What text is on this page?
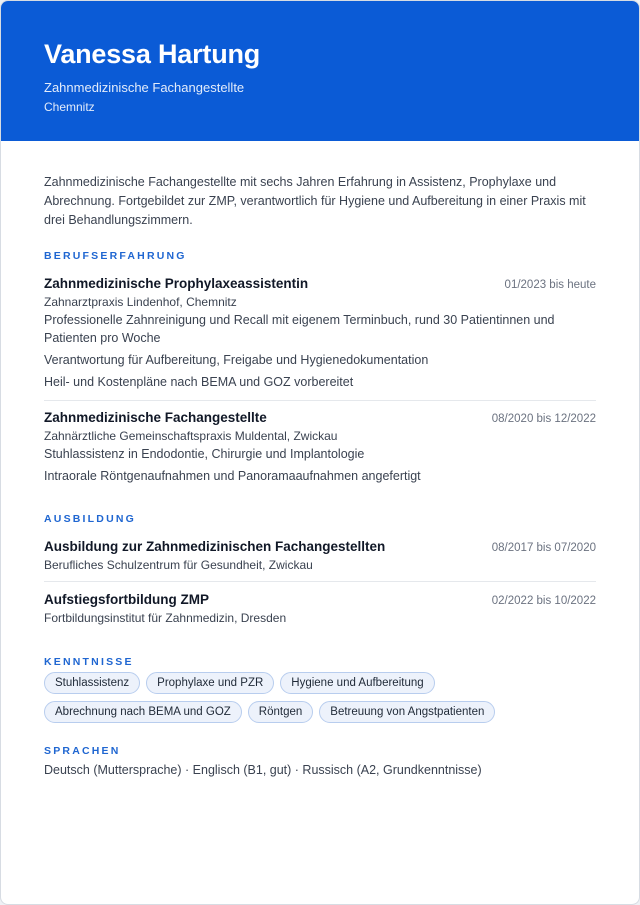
Vanessa Hartung
Zahnmedizinische Fachangestellte
Chemnitz
Zahnmedizinische Fachangestellte mit sechs Jahren Erfahrung in Assistenz, Prophylaxe und Abrechnung. Fortgebildet zur ZMP, verantwortlich für Hygiene und Aufbereitung in einer Praxis mit drei Behandlungszimmern.
BERUFSERFAHRUNG
Zahnmedizinische Prophylaxeassistentin	01/2023 bis heute
Zahnarztpraxis Lindenhof, Chemnitz
Professionelle Zahnreinigung und Recall mit eigenem Terminbuch, rund 30 Patientinnen und Patienten pro Woche
Verantwortung für Aufbereitung, Freigabe und Hygienedokumentation
Heil- und Kostenpläne nach BEMA und GOZ vorbereitet
Zahnmedizinische Fachangestellte	08/2020 bis 12/2022
Zahnärztliche Gemeinschaftspraxis Muldental, Zwickau
Stuhlassistenz in Endodontie, Chirurgie und Implantologie
Intraorale Röntgenaufnahmen und Panoramaaufnahmen angefertigt
AUSBILDUNG
Ausbildung zur Zahnmedizinischen Fachangestellten	08/2017 bis 07/2020
Berufliches Schulzentrum für Gesundheit, Zwickau
Aufstiegsfortbildung ZMP	02/2022 bis 10/2022
Fortbildungsinstitut für Zahnmedizin, Dresden
KENNTNISSE
Stuhlassistenz	Prophylaxe und PZR	Hygiene und Aufbereitung
Abrechnung nach BEMA und GOZ	Röntgen	Betreuung von Angstpatienten
SPRACHEN
Deutsch (Muttersprache) · Englisch (B1, gut) · Russisch (A2, Grundkenntnisse)
